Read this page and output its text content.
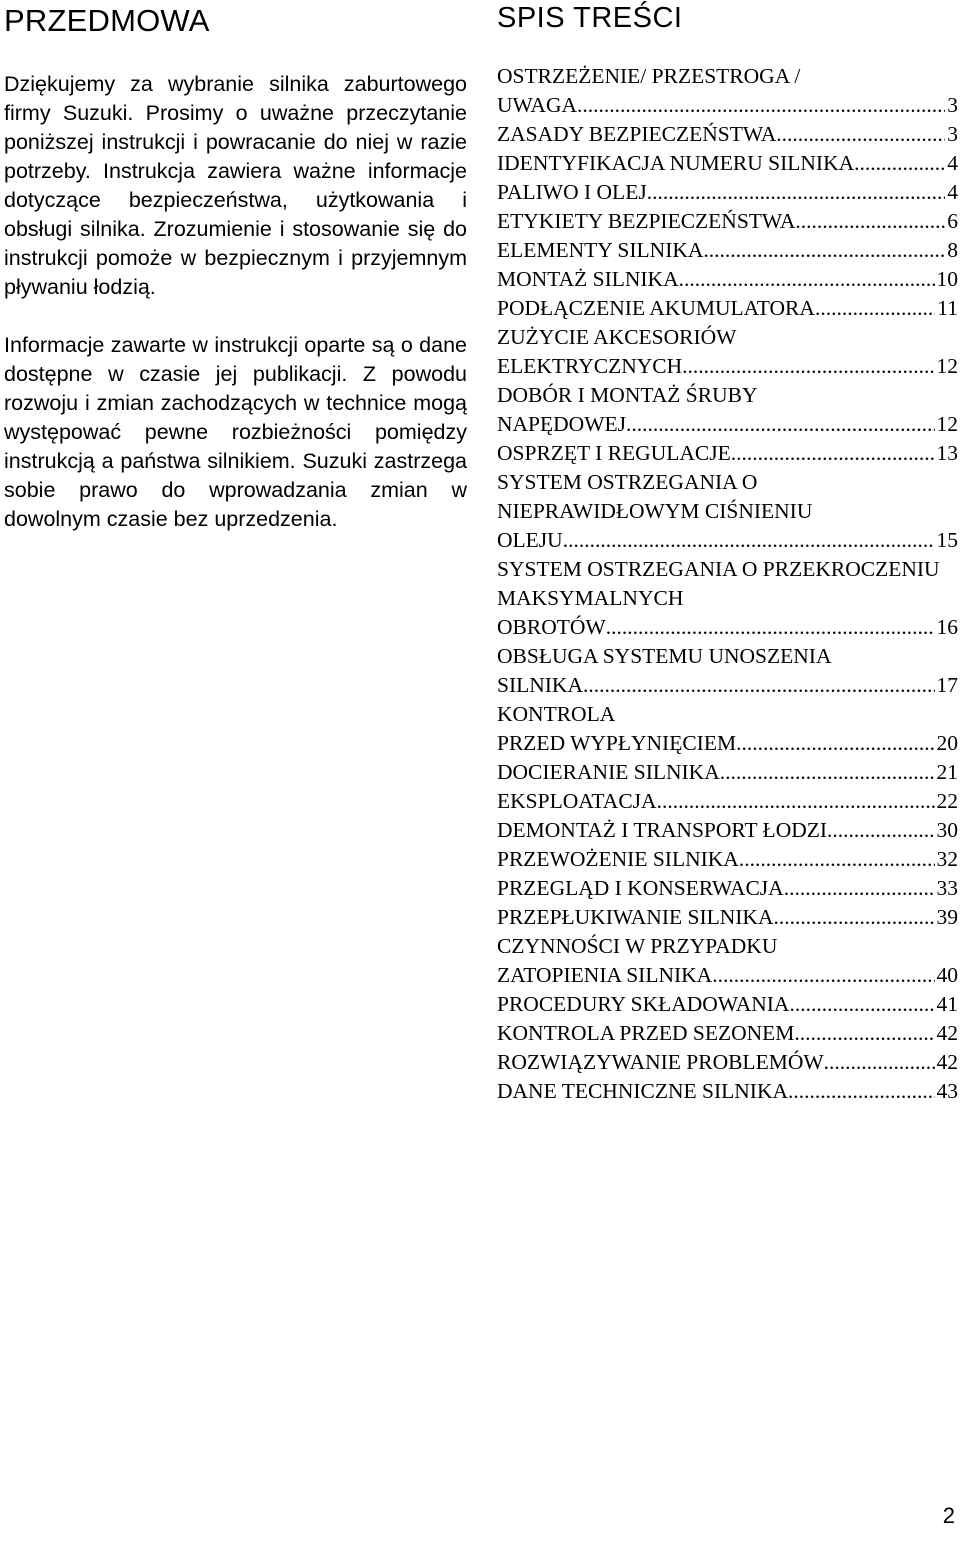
PRZEDMOWA

Dziękujemy za wybranie silnika zaburtowego firmy Suzuki. Prosimy o uważne przeczytanie poniższej instrukcji i powracanie do niej w razie potrzeby. Instrukcja zawiera ważne informacje dotyczące bezpieczeństwa, użytkowania i obsługi silnika. Zrozumienie i stosowanie się do instrukcji pomoże w bezpiecznym i przyjemnym pływaniu łodzią.

Informacje zawarte w instrukcji oparte są o dane dostępne w czasie jej publikacji. Z powodu rozwoju i zmian zachodzących w technice mogą występować pewne rozbieżności pomiędzy instrukcją a państwa silnikiem. Suzuki zastrzega sobie prawo do wprowadzania zmian w dowolnym czasie bez uprzedzenia.

SPIS TREŚCI
OSTRZEŻENIE/ PRZESTROGA /
UWAGA .....	3
ZASADY BEZPIECZEŃSTWA .....	3
IDENTYFIKACJA NUMERU SILNIKA .....	4
PALIWO I OLEJ .....	4
ETYKIETY BEZPIECZEŃSTWA .....	6
ELEMENTY SILNIKA .....	8
MONTAŻ SILNIKA .....	10
PODŁĄCZENIE AKUMULATORA .....	11
ZUŻYCIE AKCESORIÓW
ELEKTRYCZNYCH .....	12
DOBÓR I MONTAŻ ŚRUBY
NAPĘDOWEJ .....	12
OSPRZĘT I REGULACJE .....	13
SYSTEM OSTRZEGANIA O NIEPRAWIDŁOWYM CIŚNIENIU
OLEJU .....	15
SYSTEM OSTRZEGANIA O PRZEKROCZENIU MAKSYMALNYCH
OBROTÓW .....	16
OBSŁUGA SYSTEMU UNOSZENIA
SILNIKA .....	17
KONTROLA
PRZED WYPŁYNIĘCIEM .....	20
DOCIERANIE SILNIKA .....	21
EKSPLOATACJA .....	22
DEMONTAŻ I TRANSPORT ŁODZI .....	30
PRZEWOŻENIE SILNIKA .....	32
PRZEGLĄD I KONSERWACJA .....	33
PRZEPŁUKIWANIE SILNIKA .....	39
CZYNNOŚCI W PRZYPADKU
ZATOPIENIA SILNIKA .....	40
PROCEDURY SKŁADOWANIA .....	41
KONTROLA PRZED SEZONEM .....	42
ROZWIĄZYWANIE PROBLEMÓW .....	42
DANE TECHNICZNE SILNIKA .....	43
2
